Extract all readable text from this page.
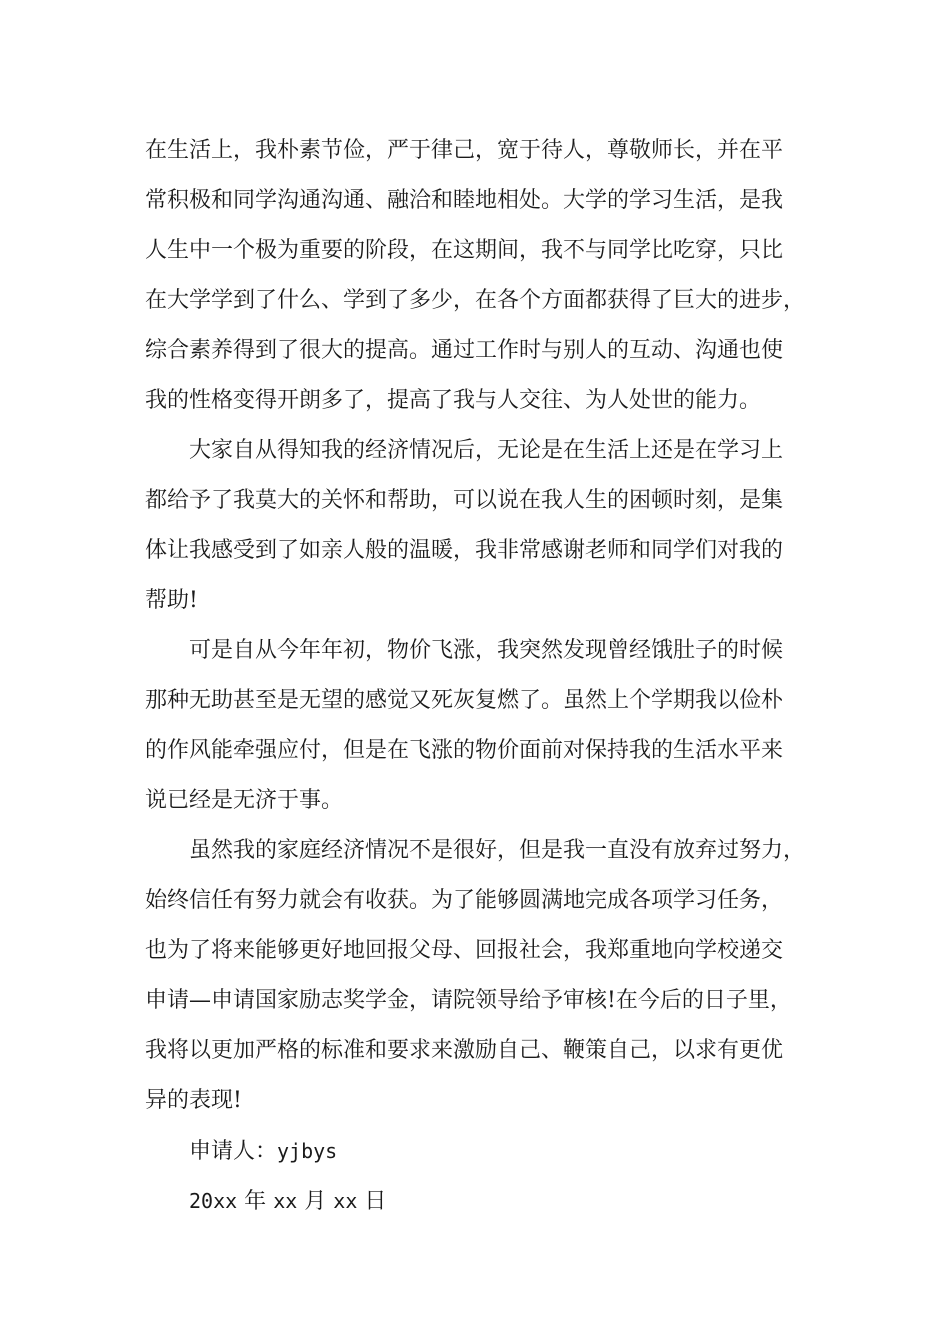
在生活上，我朴素节俭，严于律己，宽于待人，尊敬师长，并在平
常积极和同学沟通沟通、融洽和睦地相处。大学的学习生活，是我
人生中一个极为重要的阶段，在这期间，我不与同学比吃穿，只比
在大学学到了什么、学到了多少，在各个方面都获得了巨大的进步，
综合素养得到了很大的提高。通过工作时与别人的互动、沟通也使
我的性格变得开朗多了，提高了我与人交往、为人处世的能力。
大家自从得知我的经济情况后，无论是在生活上还是在学习上
都给予了我莫大的关怀和帮助，可以说在我人生的困顿时刻，是集
体让我感受到了如亲人般的温暖，我非常感谢老师和同学们对我的
帮助!
可是自从今年年初，物价飞涨，我突然发现曾经饿肚子的时候
那种无助甚至是无望的感觉又死灰复燃了。虽然上个学期我以俭朴
的作风能牵强应付，但是在飞涨的物价面前对保持我的生活水平来
说已经是无济于事。
虽然我的家庭经济情况不是很好，但是我一直没有放弃过努力，
始终信任有努力就会有收获。为了能够圆满地完成各项学习任务，
也为了将来能够更好地回报父母、回报社会，我郑重地向学校递交
申请—申请国家励志奖学金，请院领导给予审核!在今后的日子里，
我将以更加严格的标准和要求来激励自己、鞭策自己，以求有更优
异的表现!
申请人：yjbys
20xx 年 xx 月 xx 日
